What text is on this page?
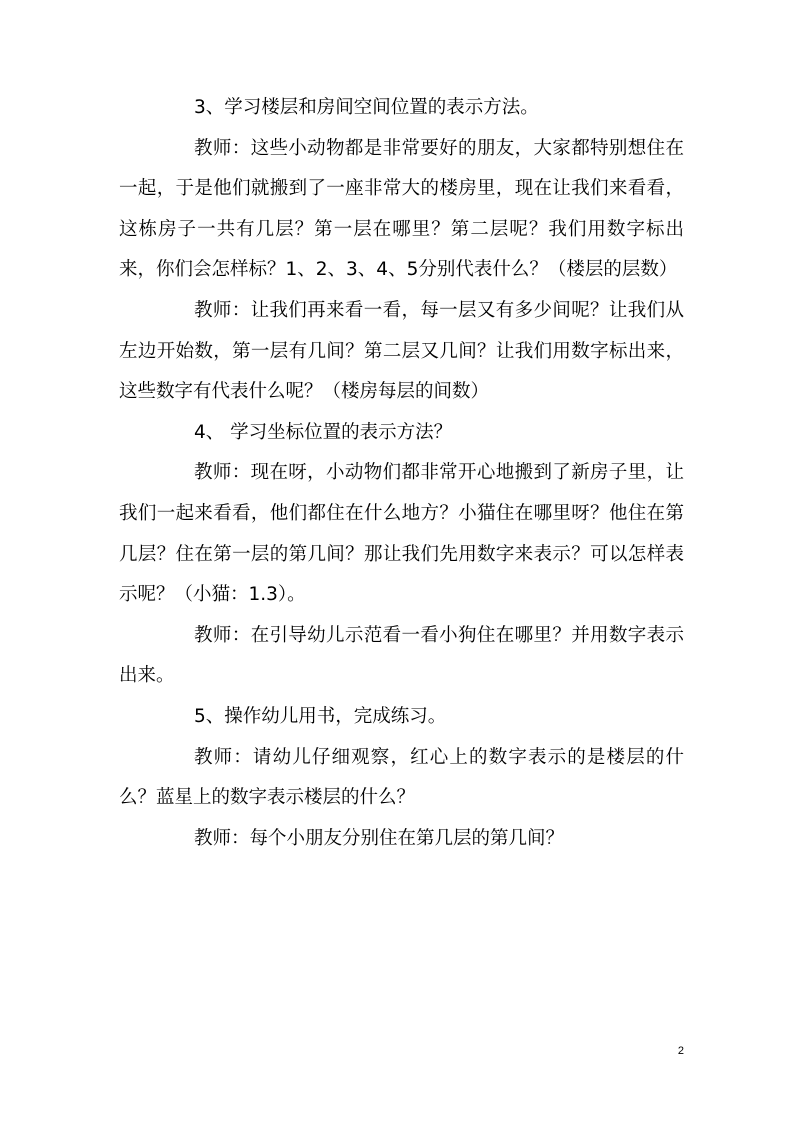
3、学习楼层和房间空间位置的表示方法。

教师：这些小动物都是非常要好的朋友，大家都特别想住在一起，于是他们就搬到了一座非常大的楼房里，现在让我们来看看，这栋房子一共有几层？第一层在哪里？第二层呢？我们用数字标出来，你们会怎样标？1、2、3、4、5分别代表什么？（楼层的层数）

教师：让我们再来看一看，每一层又有多少间呢？让我们从左边开始数，第一层有几间？第二层又几间？让我们用数字标出来，这些数字有代表什么呢？（楼房每层的间数）

4、 学习坐标位置的表示方法？

教师：现在呀，小动物们都非常开心地搬到了新房子里，让我们一起来看看，他们都住在什么地方？小猫住在哪里呀？他住在第几层？住在第一层的第几间？那让我们先用数字来表示？可以怎样表示呢？（小猫：1.3）。

教师：在引导幼儿示范看一看小狗住在哪里？并用数字表示出来。

5、操作幼儿用书，完成练习。

教师：请幼儿仔细观察，红心上的数字表示的是楼层的什么？蓝星上的数字表示楼层的什么？

教师：每个小朋友分别住在第几层的第几间？

2
